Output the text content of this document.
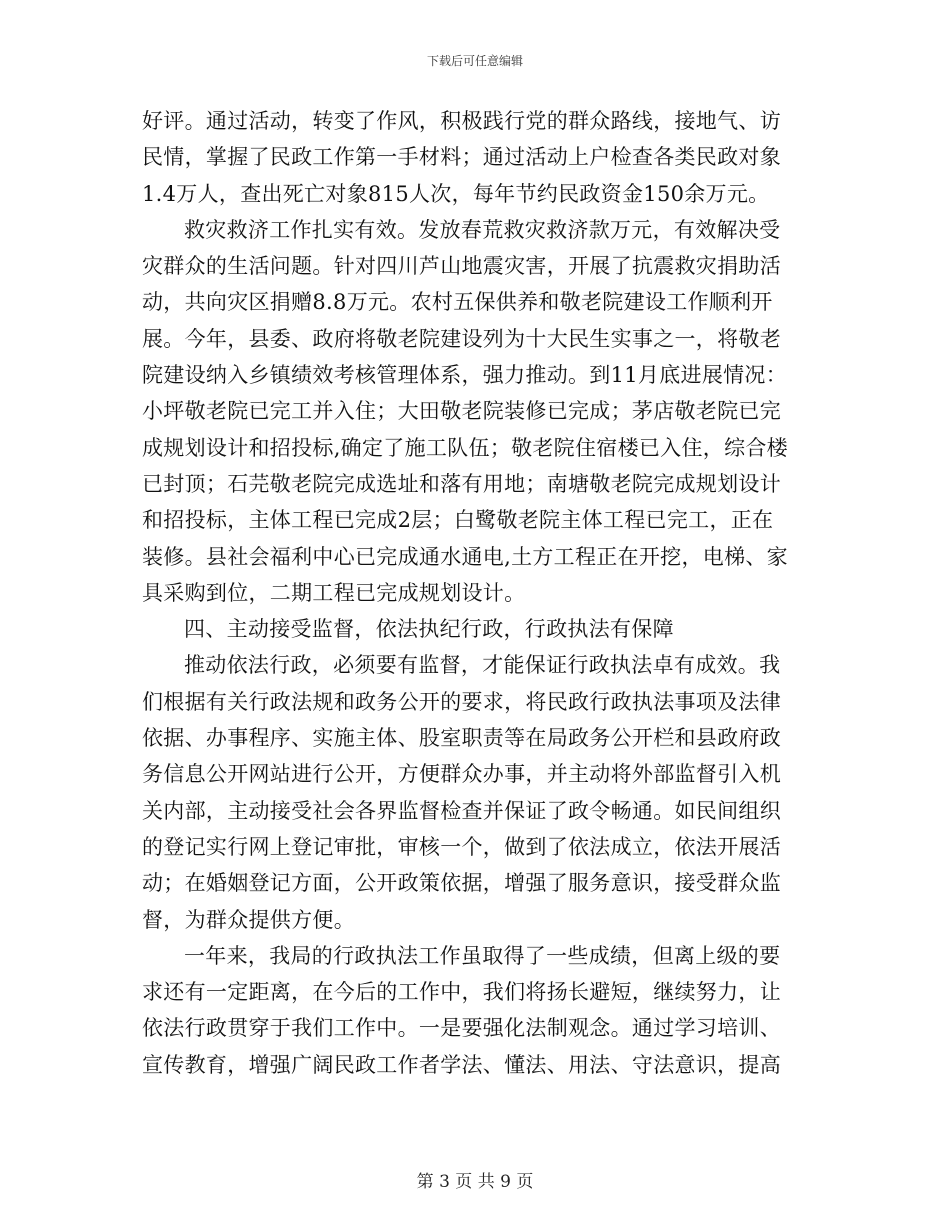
下载后可任意编辑
好评。通过活动，转变了作风，积极践行党的群众路线，接地气、访
民情，掌握了民政工作第一手材料；通过活动上户检查各类民政对象
1.4万人，查出死亡对象815人次，每年节约民政资金150余万元。
救灾救济工作扎实有效。发放春荒救灾救济款万元，有效解决受
灾群众的生活问题。针对四川芦山地震灾害，开展了抗震救灾捐助活
动，共向灾区捐赠8.8万元。农村五保供养和敬老院建设工作顺利开
展。今年，县委、政府将敬老院建设列为十大民生实事之一，将敬老
院建设纳入乡镇绩效考核管理体系，强力推动。到11月底进展情况：
小坪敬老院已完工并入住；大田敬老院装修已完成；茅店敬老院已完
成规划设计和招投标,确定了施工队伍；敬老院住宿楼已入住，综合楼
已封顶；石芫敬老院完成选址和落有用地；南塘敬老院完成规划设计
和招投标，主体工程已完成2层；白鹭敬老院主体工程已完工，正在
装修。县社会福利中心已完成通水通电,土方工程正在开挖，电梯、家
具采购到位，二期工程已完成规划设计。
四、主动接受监督，依法执纪行政，行政执法有保障
推动依法行政，必须要有监督，才能保证行政执法卓有成效。我
们根据有关行政法规和政务公开的要求，将民政行政执法事项及法律
依据、办事程序、实施主体、股室职责等在局政务公开栏和县政府政
务信息公开网站进行公开，方便群众办事，并主动将外部监督引入机
关内部，主动接受社会各界监督检查并保证了政令畅通。如民间组织
的登记实行网上登记审批，审核一个，做到了依法成立，依法开展活
动；在婚姻登记方面，公开政策依据，增强了服务意识，接受群众监
督，为群众提供方便。
一年来，我局的行政执法工作虽取得了一些成绩，但离上级的要
求还有一定距离，在今后的工作中，我们将扬长避短，继续努力，让
依法行政贯穿于我们工作中。一是要强化法制观念。通过学习培训、
宣传教育，增强广阔民政工作者学法、懂法、用法、守法意识，提高
第 3 页 共 9 页
